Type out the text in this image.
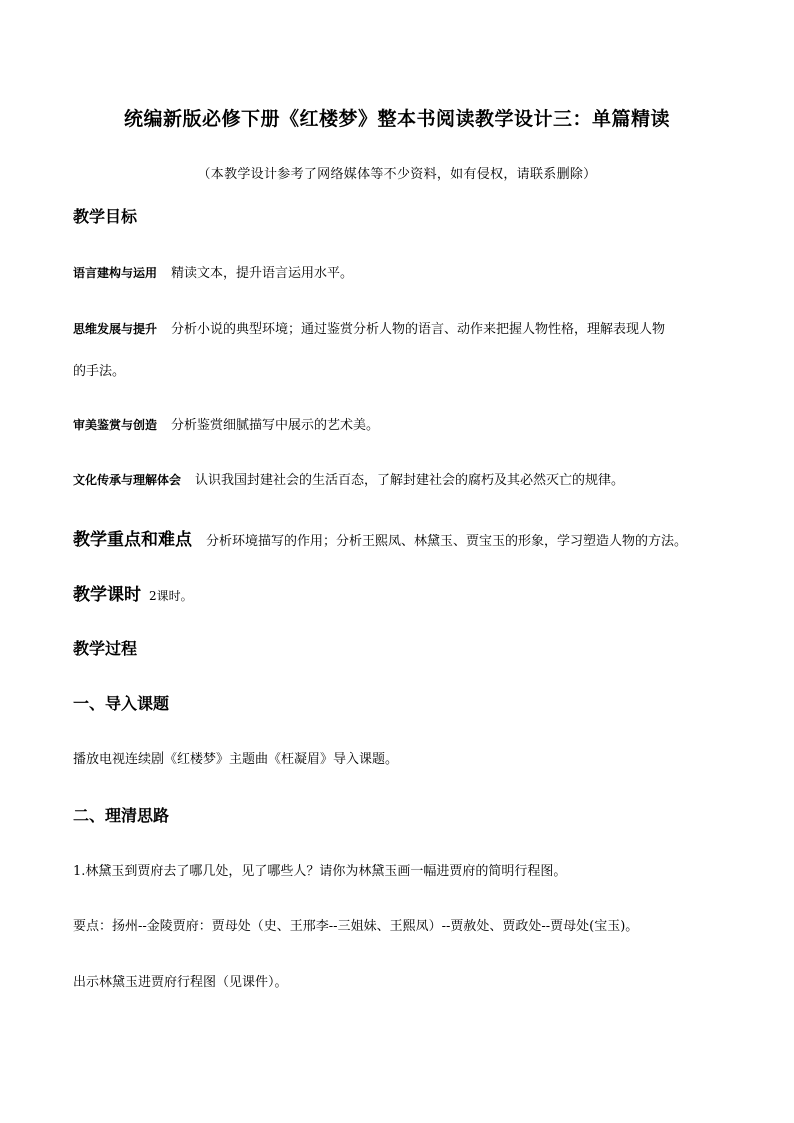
统编新版必修下册《红楼梦》整本书阅读教学设计三：单篇精读
（本教学设计参考了网络媒体等不少资料，如有侵权，请联系删除）
教学目标
语言建构与运用 精读文本，提升语言运用水平。
思维发展与提升 分析小说的典型环境；通过鉴赏分析人物的语言、动作来把握人物性格，理解表现人物
的手法。
审美鉴赏与创造 分析鉴赏细腻描写中展示的艺术美。
文化传承与理解体会 认识我国封建社会的生活百态，了解封建社会的腐朽及其必然灭亡的规律。
教学重点和难点 分析环境描写的作用；分析王熙凤、林黛玉、贾宝玉的形象，学习塑造人物的方法。
教学课时 2课时。
教学过程
一、导入课题
播放电视连续剧《红楼梦》主题曲《枉凝眉》导入课题。
二、理清思路
1.林黛玉到贾府去了哪几处，见了哪些人？请你为林黛玉画一幅进贾府的简明行程图。
要点：扬州--金陵贾府：贾母处（史、王邢李--三姐妹、王熙凤）--贾赦处、贾政处--贾母处(宝玉)。
出示林黛玉进贾府行程图（见课件）。
